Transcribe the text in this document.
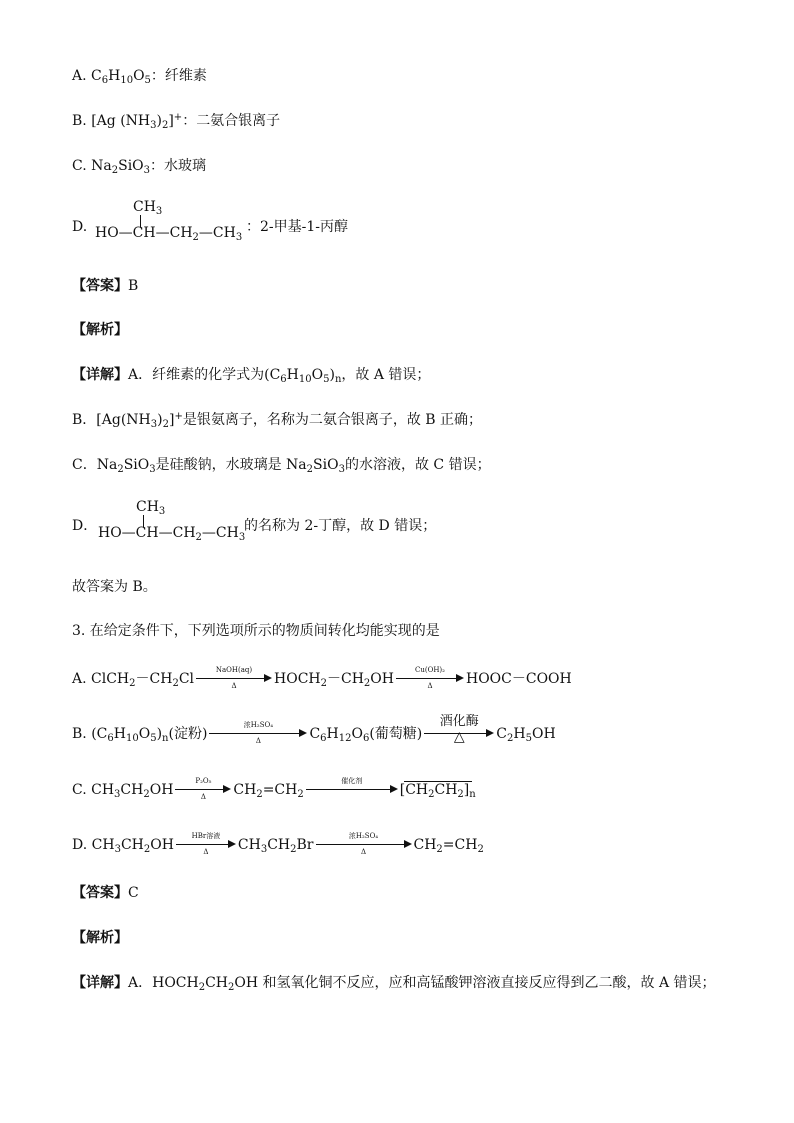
A. $C_6H_{10}O_5$：纤维素
B. [Ag $(NH_3)_2]^+$：二氨合银离子
C. $Na_2SiO_3$：水玻璃
D.
$CH_3$
$HO—CH—CH_2—CH_3$
：2-甲基-1-丙醇
【答案】B
【解析】
【详解】A．纤维素的化学式为$(C_6H_{10}O_5)_n$，故 A 错误；
B．$[Ag(NH_3)_2]^+$是银氨离子，名称为二氨合银离子，故 B 正确；
C．$Na_2SiO_3$是硅酸钠，水玻璃是 $Na_2SiO_3$的水溶液，故 C 错误；
D．
$CH_3$
$HO—CH—CH_2—CH_3$
的名称为 2-丁醇，故 D 错误；
故答案为 B。
3. 在给定条件下，下列选项所示的物质间转化均能实现的是
A. $ClCH_2-CH_2Cl$
NaOH(aq)
Δ	$HOCH_2-CH_2OH \frac{\text{Cu(OH)₂}}{\Delta}$ HOOC－COOH
B. $(C_6H_{10}O_5)_n$(淀粉)
浓H₂SO₄
Δ	$C_6H_{12}O_6$(葡萄糖)
酒化酶
△	$C_2H_5OH$
C. $CH_3CH_2OH \frac{\text{P₂O₅}}{\Delta} CH_2=CH_2$
催化剂
$[CH_2CH_2]_n$
D. $CH_3CH_2OH$
HBr溶液
Δ	$CH_3CH_2Br$
浓H₂SO₄
Δ	$CH_2=CH_2$
【答案】C
【解析】
【详解】A．$HOCH_2CH_2OH$ 和氢氧化铜不反应，应和高锰酸钾溶液直接反应得到乙二酸，故 A 错误；
